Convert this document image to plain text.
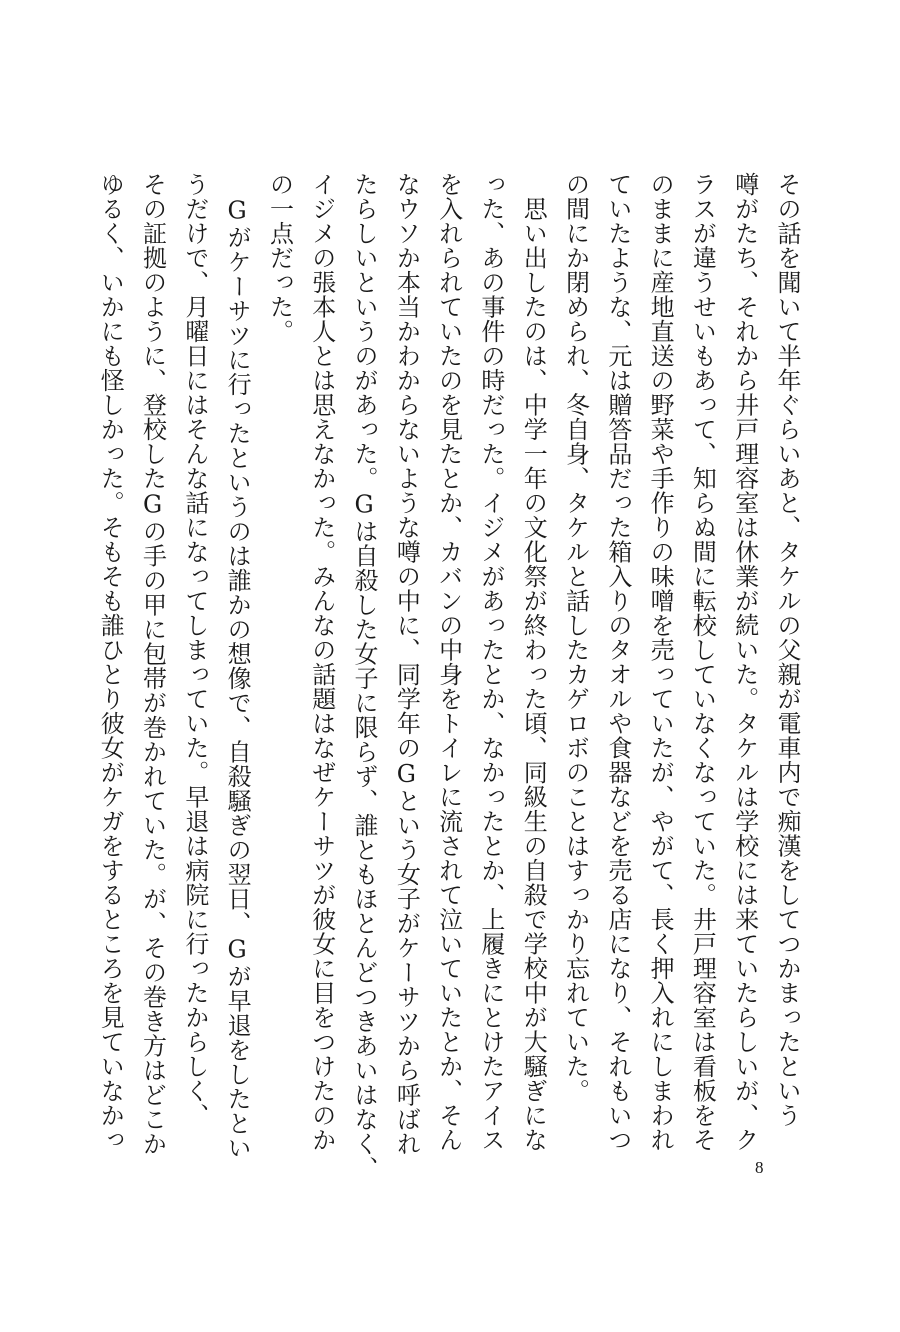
その話を聞いて半年ぐらいあと、タケルの父親が電車内で痴漢をしてつかまったという
噂がたち、それから井戸理容室は休業が続いた。タケルは学校には来ていたらしいが、ク
ラスが違うせいもあって、知らぬ間に転校していなくなっていた。井戸理容室は看板をそ
のままに産地直送の野菜や手作りの味噌を売っていたが、やがて、長く押入れにしまわれ
ていたような、元は贈答品だった箱入りのタオルや食器などを売る店になり、それもいつ
の間にか閉められ、冬自身、タケルと話したカゲロボのことはすっかり忘れていた。
　思い出したのは、中学一年の文化祭が終わった頃、同級生の自殺で学校中が大騒ぎにな
った、あの事件の時だった。イジメがあったとか、なかったとか、上履きにとけたアイス
を入れられていたのを見たとか、カバンの中身をトイレに流されて泣いていたとか、そん
なウソか本当かわからないような噂の中に、同学年のGという女子がケーサツから呼ばれ
たらしいというのがあった。Gは自殺した女子に限らず、誰ともほとんどつきあいはなく、
イジメの張本人とは思えなかった。みんなの話題はなぜケーサツが彼女に目をつけたのか
の一点だった。
　Gがケーサツに行ったというのは誰かの想像で、自殺騒ぎの翌日、Gが早退をしたとい
うだけで、月曜日にはそんな話になってしまっていた。早退は病院に行ったからしく、
その証拠のように、登校したGの手の甲に包帯が巻かれていた。が、その巻き方はどこか
ゆるく、いかにも怪しかった。そもそも誰ひとり彼女がケガをするところを見ていなかっ
8
